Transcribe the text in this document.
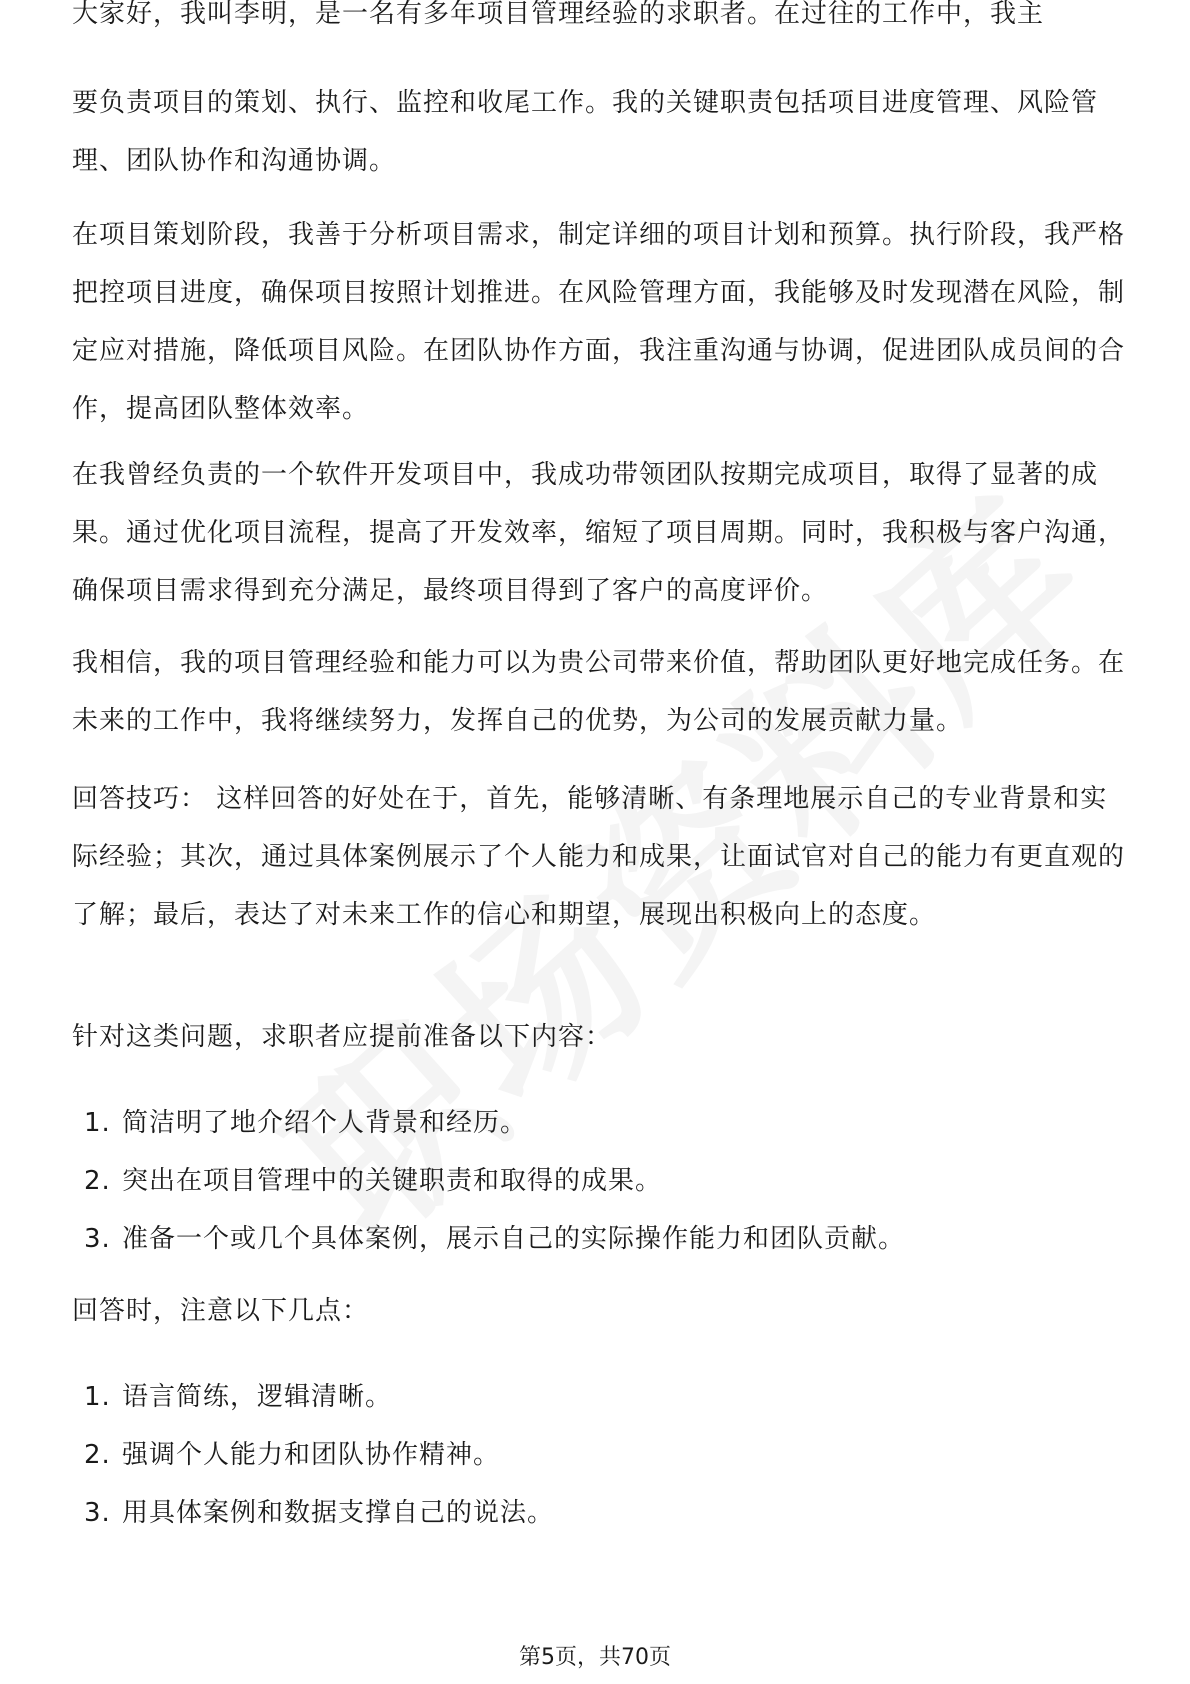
大家好，我叫李明，是一名有多年项目管理经验的求职者。在过往的工作中，我主

要负责项目的策划、执行、监控和收尾工作。我的关键职责包括项目进度管理、风险管理、团队协作和沟通协调。

在项目策划阶段，我善于分析项目需求，制定详细的项目计划和预算。执行阶段，我严格把控项目进度，确保项目按照计划推进。在风险管理方面，我能够及时发现潜在风险，制定应对措施，降低项目风险。在团队协作方面，我注重沟通与协调，促进团队成员间的合作，提高团队整体效率。

在我曾经负责的一个软件开发项目中，我成功带领团队按期完成项目，取得了显著的成果。通过优化项目流程，提高了开发效率，缩短了项目周期。同时，我积极与客户沟通，确保项目需求得到充分满足，最终项目得到了客户的高度评价。

我相信，我的项目管理经验和能力可以为贵公司带来价值，帮助团队更好地完成任务。在未来的工作中，我将继续努力，发挥自己的优势，为公司的发展贡献力量。

回答技巧： 这样回答的好处在于，首先，能够清晰、有条理地展示自己的专业背景和实际经验；其次，通过具体案例展示了个人能力和成果，让面试官对自己的能力有更直观的了解；最后，表达了对未来工作的信心和期望，展现出积极向上的态度。

针对这类问题，求职者应提前准备以下内容：

1. 简洁明了地介绍个人背景和经历。
2. 突出在项目管理中的关键职责和取得的成果。
3. 准备一个或几个具体案例，展示自己的实际操作能力和团队贡献。

回答时，注意以下几点：

1. 语言简练，逻辑清晰。
2. 强调个人能力和团队协作精神。
3. 用具体案例和数据支撑自己的说法。
第5页，共70页
